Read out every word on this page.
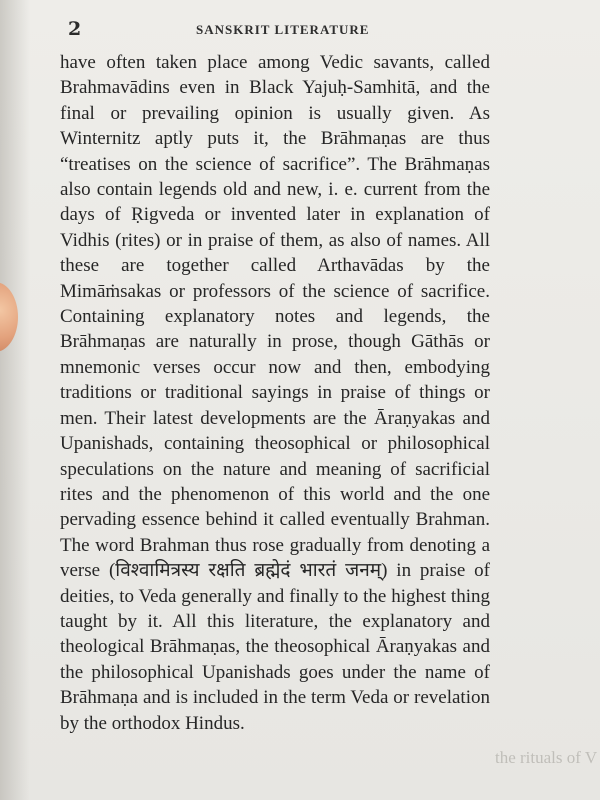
2	SANSKRIT LITERATURE

have often taken place among Vedic savants, called Brahmavādins even in Black Yajuḥ-Samhitā, and the final or prevailing opinion is usually given. As Winternitz aptly puts it, the Brāhmaṇas are thus “treatises on the science of sacrifice”. The Brāhmaṇas also contain legends old and new, i. e. current from the days of Ṛigveda or invented later in explanation of Vidhis (rites) or in praise of them, as also of names. All these are together called Arthavādas by the Mimāṁsakas or professors of the science of sacrifice. Containing explanatory notes and legends, the Brāhmaṇas are naturally in prose, though Gāthās or mnemonic verses occur now and then, embodying traditions or traditional sayings in praise of things or men. Their latest developments are the Āraṇyakas and Upanishads, containing theosophical or philosophical speculations on the nature and meaning of sacrificial rites and the phenomenon of this world and the one pervading essence behind it called eventually Brahman. The word Brahman thus rose gradually from denoting a verse (विश्वामित्रस्य रक्षति ब्रह्मेदं भारतं जनम्) in praise of deities, to Veda generally and finally to the highest thing taught by it. All this literature, the explanatory and theological Brāhmaṇas, the theosophical Āraṇyakas and the philosophical Upanishads goes under the name of Brāhmaṇa and is included in the term Veda or revelation by the orthodox Hindus.

the rituals of V
